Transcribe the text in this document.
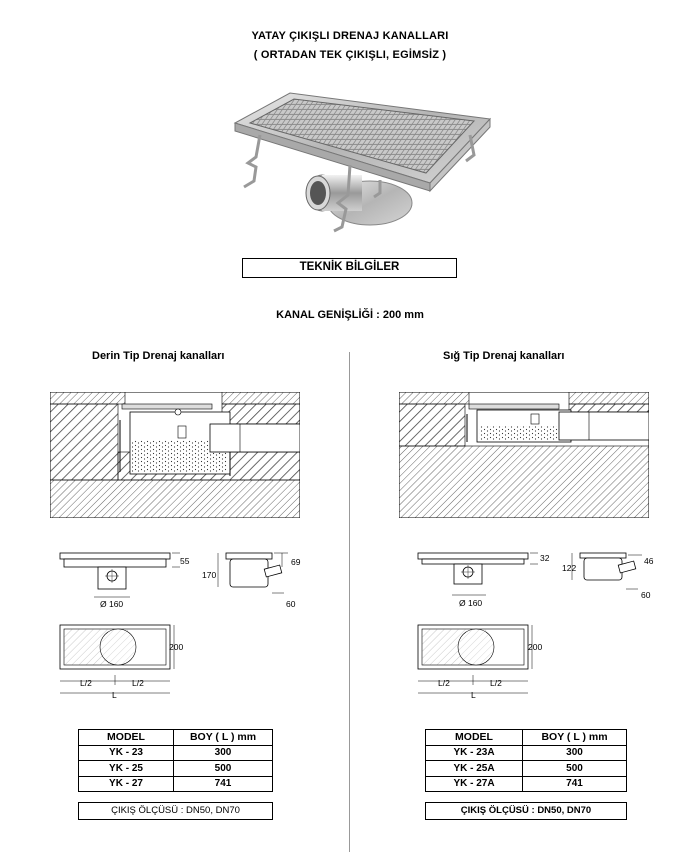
YATAY ÇIKIŞLI DRENAJ KANALLARI
( ORTADAN TEK ÇIKIŞLI, EGİMSİZ )
TEKNİK BİLGİLER
KANAL GENİŞLİĞİ : 200 mm
Derin Tip Drenaj kanalları	Sığ Tip Drenaj kanalları
55
170
69
60
Ø 160
200
L/2	L/2
L
32
122
46
60
Ø 160
200
L/2	L/2
L
MODEL	BOY ( L ) mm
YK - 23	300
YK - 25	500
YK - 27	741
MODEL	BOY ( L ) mm
YK - 23A	300
YK - 25A	500
YK - 27A	741
ÇIKIŞ ÖLÇÜSÜ : DN50, DN70	ÇIKIŞ ÖLÇÜSÜ : DN50, DN70
